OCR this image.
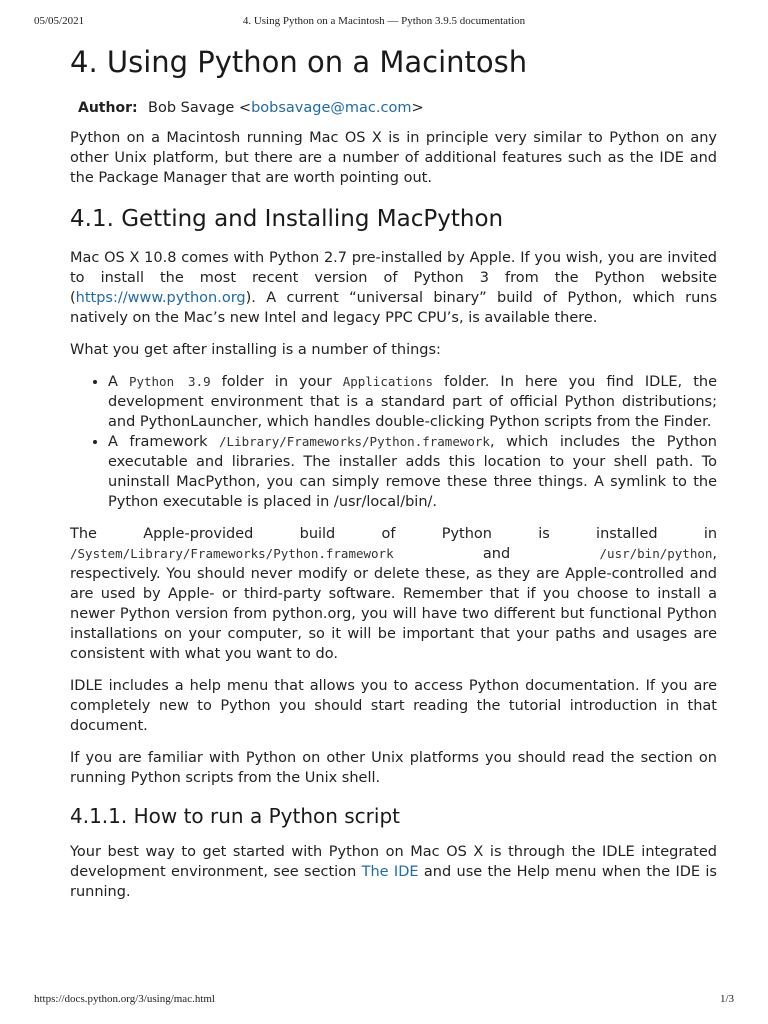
05/05/2021	4. Using Python on a Macintosh — Python 3.9.5 documentation
4. Using Python on a Macintosh
Author: Bob Savage <bobsavage@mac.com>

Python on a Macintosh running Mac OS X is in principle very similar to Python on any other Unix platform, but there are a number of additional features such as the IDE and the Package Manager that are worth pointing out.

4.1. Getting and Installing MacPython

Mac OS X 10.8 comes with Python 2.7 pre-installed by Apple. If you wish, you are invited to install the most recent version of Python 3 from the Python website (https://www.python.org). A current “universal binary” build of Python, which runs natively on the Mac’s new Intel and legacy PPC CPU’s, is available there.

What you get after installing is a number of things:

• A Python 3.9 folder in your Applications folder. In here you find IDLE, the development environment that is a standard part of official Python distributions; and PythonLauncher, which handles double-clicking Python scripts from the Finder.
• A framework /Library/Frameworks/Python.framework, which includes the Python executable and libraries. The installer adds this location to your shell path. To uninstall MacPython, you can simply remove these three things. A symlink to the Python executable is placed in /usr/local/bin/.

The	Apple-provided	build	of	Python	is	installed	in

/System/Library/Frameworks/Python.framework	and	/usr/bin/python,

respectively. You should never modify or delete these, as they are Apple-controlled and are used by Apple- or third-party software. Remember that if you choose to install a newer Python version from python.org, you will have two different but functional Python installations on your computer, so it will be important that your paths and usages are consistent with what you want to do.

IDLE includes a help menu that allows you to access Python documentation. If you are completely new to Python you should start reading the tutorial introduction in that document.

If you are familiar with Python on other Unix platforms you should read the section on running Python scripts from the Unix shell.

4.1.1. How to run a Python script

Your best way to get started with Python on Mac OS X is through the IDLE integrated development environment, see section The IDE and use the Help menu when the IDE is running.

https://docs.python.org/3/using/mac.html	1/3
